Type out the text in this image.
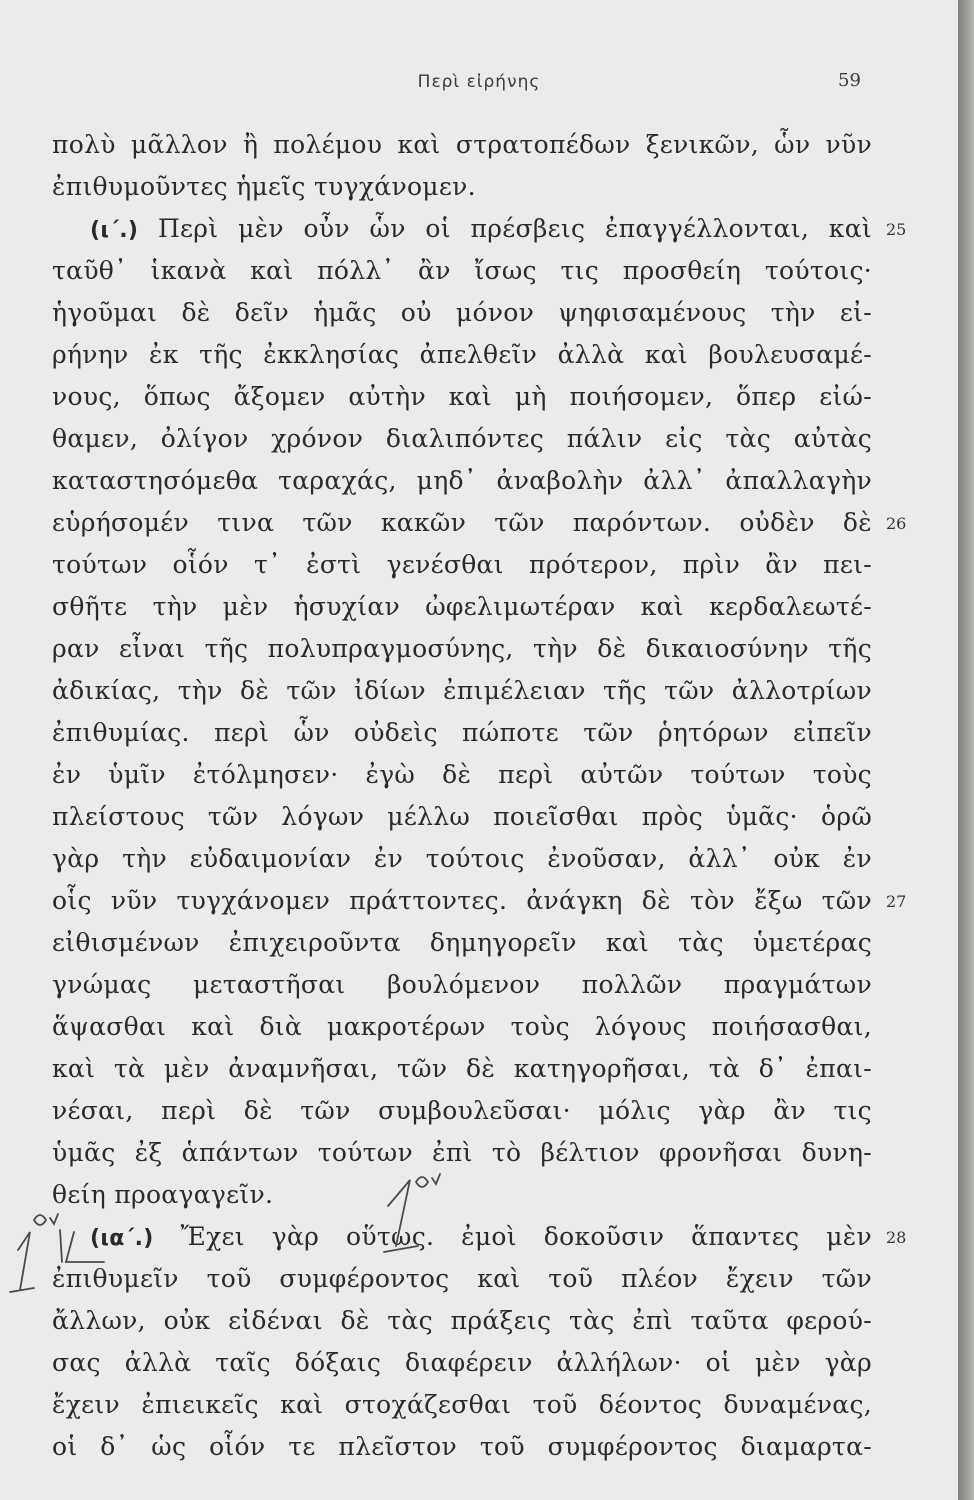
Περὶ εἰρήνης	59
πολὺ μᾶλλον ἢ πολέμου καὶ στρατοπέδων ξενικῶν, ὧν νῦν
ἐπιθυμοῦντες ἡμεῖς τυγχάνομεν.
(ι΄.) Περὶ μὲν οὖν ὧν οἱ πρέσβεις ἐπαγγέλλονται, καὶ
ταῦθ᾽ ἱκανὰ καὶ πόλλ᾽ ἂν ἴσως τις προσθείη τούτοις·
ἡγοῦμαι δὲ δεῖν ἡμᾶς οὐ μόνον ψηφισαμένους τὴν εἰ-
ρήνην ἐκ τῆς ἐκκλησίας ἀπελθεῖν ἀλλὰ καὶ βουλευσαμέ-
νους, ὅπως ἄξομεν αὐτὴν καὶ μὴ ποιήσομεν, ὅπερ εἰώ-
θαμεν, ὀλίγον χρόνον διαλιπόντες πάλιν εἰς τὰς αὐτὰς
καταστησόμεθα ταραχάς, μηδ᾽ ἀναβολὴν ἀλλ᾽ ἀπαλλαγὴν
εὑρήσομέν τινα τῶν κακῶν τῶν παρόντων. οὐδὲν δὲ
τούτων οἷόν τ᾽ ἐστὶ γενέσθαι πρότερον, πρὶν ἂν πει-
σθῆτε τὴν μὲν ἡσυχίαν ὠφελιμωτέραν καὶ κερδαλεωτέ-
ραν εἶναι τῆς πολυπραγμοσύνης, τὴν δὲ δικαιοσύνην τῆς
ἀδικίας, τὴν δὲ τῶν ἰδίων ἐπιμέλειαν τῆς τῶν ἀλλοτρίων
ἐπιθυμίας. περὶ ὧν οὐδεὶς πώποτε τῶν ῥητόρων εἰπεῖν
ἐν ὑμῖν ἐτόλμησεν· ἐγὼ δὲ περὶ αὐτῶν τούτων τοὺς
πλείστους τῶν λόγων μέλλω ποιεῖσθαι πρὸς ὑμᾶς· ὁρῶ
γὰρ τὴν εὐδαιμονίαν ἐν τούτοις ἐνοῦσαν, ἀλλ᾽ οὐκ ἐν
οἷς νῦν τυγχάνομεν πράττοντες. ἀνάγκη δὲ τὸν ἔξω τῶν
εἰθισμένων ἐπιχειροῦντα δημηγορεῖν καὶ τὰς ὑμετέρας
γνώμας μεταστῆσαι βουλόμενον πολλῶν πραγμάτων
ἅψασθαι καὶ διὰ μακροτέρων τοὺς λόγους ποιήσασθαι,
καὶ τὰ μὲν ἀναμνῆσαι, τῶν δὲ κατηγορῆσαι, τὰ δ᾽ ἐπαι-
νέσαι, περὶ δὲ τῶν συμβουλεῦσαι· μόλις γὰρ ἂν τις
ὑμᾶς ἐξ ἁπάντων τούτων ἐπὶ τὸ βέλτιον φρονῆσαι δυνη-
θείη προαγαγεῖν.
(ια΄.) Ἔχει γὰρ οὕτως. ἐμοὶ δοκοῦσιν ἅπαντες μὲν
ἐπιθυμεῖν τοῦ συμφέροντος καὶ τοῦ πλέον ἔχειν τῶν
ἄλλων, οὐκ εἰδέναι δὲ τὰς πράξεις τὰς ἐπὶ ταῦτα φερού-
σας ἀλλὰ ταῖς δόξαις διαφέρειν ἀλλήλων· οἱ μὲν γὰρ
ἔχειν ἐπιεικεῖς καὶ στοχάζεσθαι τοῦ δέοντος δυναμένας,
οἱ δ᾽ ὡς οἷόν τε πλεῖστον τοῦ συμφέροντος διαμαρτα-
25
26
27
28
